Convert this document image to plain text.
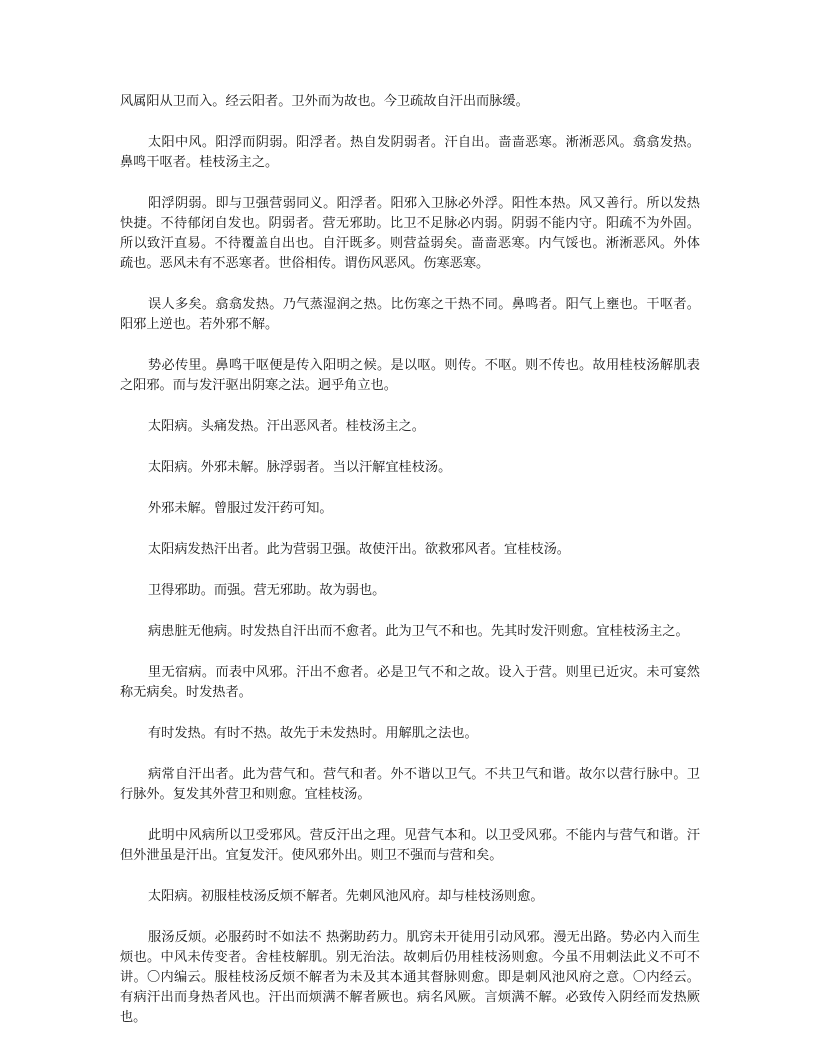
风属阳从卫而入。经云阳者。卫外而为故也。今卫疏故自汗出而脉缓。

太阳中风。阳浮而阴弱。阳浮者。热自发阴弱者。汗自出。啬啬恶寒。淅淅恶风。翕翕发热。鼻鸣干呕者。桂枝汤主之。

阳浮阴弱。即与卫强营弱同义。阳浮者。阳邪入卫脉必外浮。阳性本热。风又善行。所以发热快捷。不待郁闭自发也。阴弱者。营无邪助。比卫不足脉必内弱。阴弱不能内守。阳疏不为外固。所以致汗直易。不待覆盖自出也。自汗既多。则营益弱矣。啬啬恶寒。内气馁也。淅淅恶风。外体疏也。恶风未有不恶寒者。世俗相传。谓伤风恶风。伤寒恶寒。

误人多矣。翕翕发热。乃气蒸湿润之热。比伤寒之干热不同。鼻鸣者。阳气上壅也。干呕者。阳邪上逆也。若外邪不解。

势必传里。鼻鸣干呕便是传入阳明之候。是以呕。则传。不呕。则不传也。故用桂枝汤解肌表之阳邪。而与发汗驱出阴寒之法。迥乎角立也。

太阳病。头痛发热。汗出恶风者。桂枝汤主之。

太阳病。外邪未解。脉浮弱者。当以汗解宜桂枝汤。

外邪未解。曾服过发汗药可知。

太阳病发热汗出者。此为营弱卫强。故使汗出。欲救邪风者。宜桂枝汤。

卫得邪助。而强。营无邪助。故为弱也。

病患脏无他病。时发热自汗出而不愈者。此为卫气不和也。先其时发汗则愈。宜桂枝汤主之。

里无宿病。而表中风邪。汗出不愈者。必是卫气不和之故。设入于营。则里已近灾。未可宴然称无病矣。时发热者。

有时发热。有时不热。故先于未发热时。用解肌之法也。

病常自汗出者。此为营气和。营气和者。外不谐以卫气。不共卫气和谐。故尔以营行脉中。卫行脉外。复发其外营卫和则愈。宜桂枝汤。

此明中风病所以卫受邪风。营反汗出之理。见营气本和。以卫受风邪。不能内与营气和谐。汗但外泄虽是汗出。宜复发汗。使风邪外出。则卫不强而与营和矣。

太阳病。初服桂枝汤反烦不解者。先刺风池风府。却与桂枝汤则愈。

服汤反烦。必服药时不如法不 热粥助药力。肌窍未开徒用引动风邪。漫无出路。势必内入而生烦也。中风未传变者。舍桂枝解肌。别无治法。故刺后仍用桂枝汤则愈。今虽不用刺法此义不可不讲。〇内编云。服桂枝汤反烦不解者为未及其本通其督脉则愈。即是刺风池风府之意。〇内经云。有病汗出而身热者风也。汗出而烦满不解者厥也。病名风厥。言烦满不解。必致传入阴经而发热厥也。
